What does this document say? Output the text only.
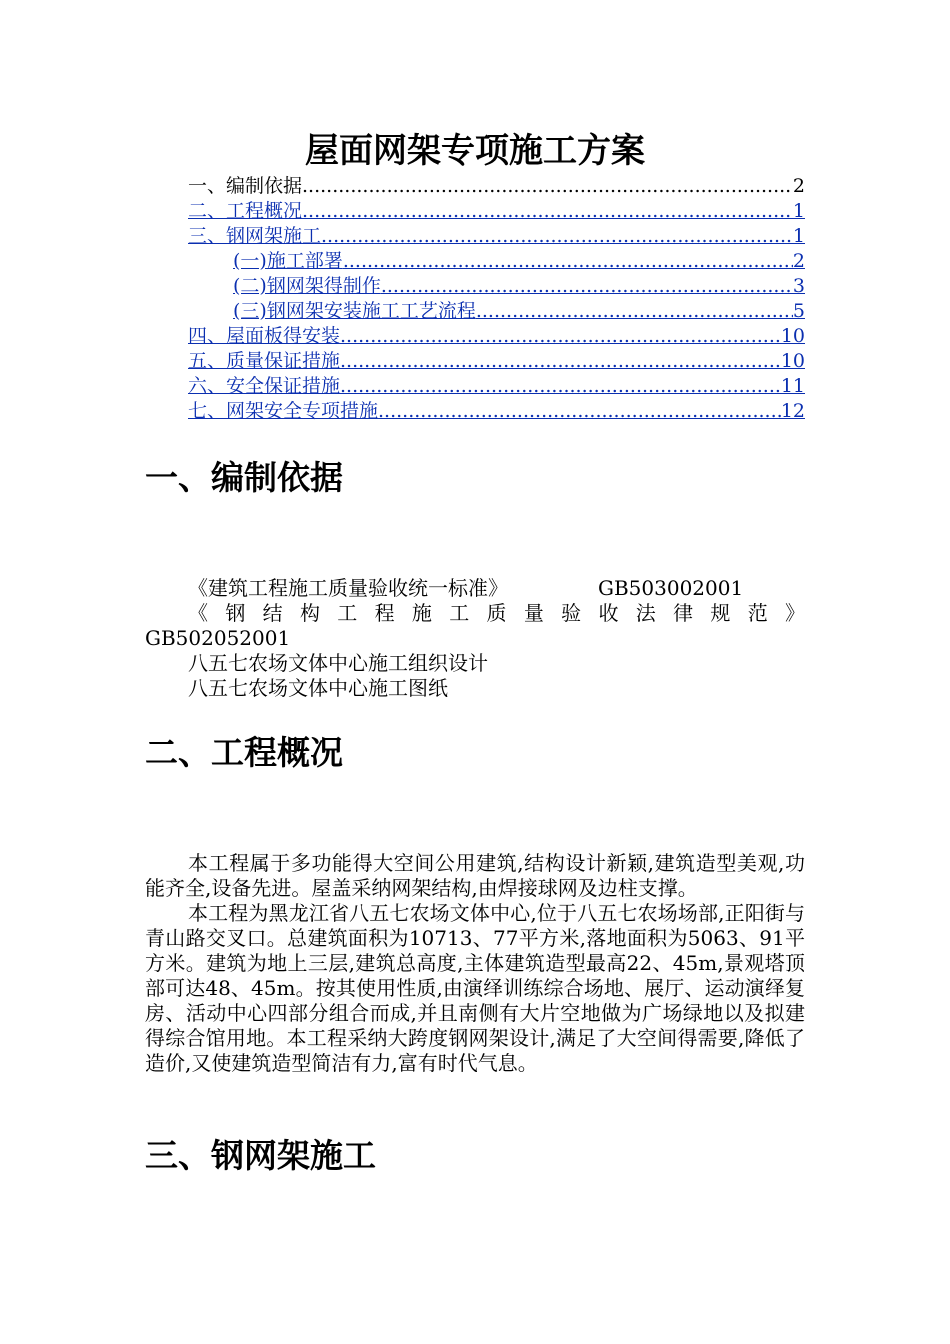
屋面网架专项施工方案
一、编制依据 .....	2
二、工程概况 .....	1
三、钢网架施工 .....	1
(一)施工部署 .....	2
(二)钢网架得制作 .....	3
(三)钢网架安装施工工艺流程 .....	5
四、屋面板得安装 .....	10
五、质量保证措施 .....	10
六、安全保证措施 .....	11
七、网架安全专项措施 .....	12
一、编制依据
《建筑工程施工质量验收统一标准》	GB503002001
《 钢 结 构 工 程 施 工 质 量 验 收 法 律 规 范 》
GB502052001
八五七农场文体中心施工组织设计
八五七农场文体中心施工图纸
二、工程概况

本工程属于多功能得大空间公用建筑,结构设计新颖,建筑造型美观,功能齐全,设备先进。屋盖采纳网架结构,由焊接球网及边柱支撑。

本工程为黑龙江省八五七农场文体中心,位于八五七农场场部,正阳街与青山路交叉口。总建筑面积为10713、77平方米,落地面积为5063、91平方米。建筑为地上三层,建筑总高度,主体建筑造型最高22、45m,景观塔顶部可达48、45m。按其使用性质,由演绎训练综合场地、展厅、运动演绎复房、活动中心四部分组合而成,并且南侧有大片空地做为广场绿地以及拟建得综合馆用地。本工程采纳大跨度钢网架设计,满足了大空间得需要,降低了造价,又使建筑造型简洁有力,富有时代气息。

三、钢网架施工
